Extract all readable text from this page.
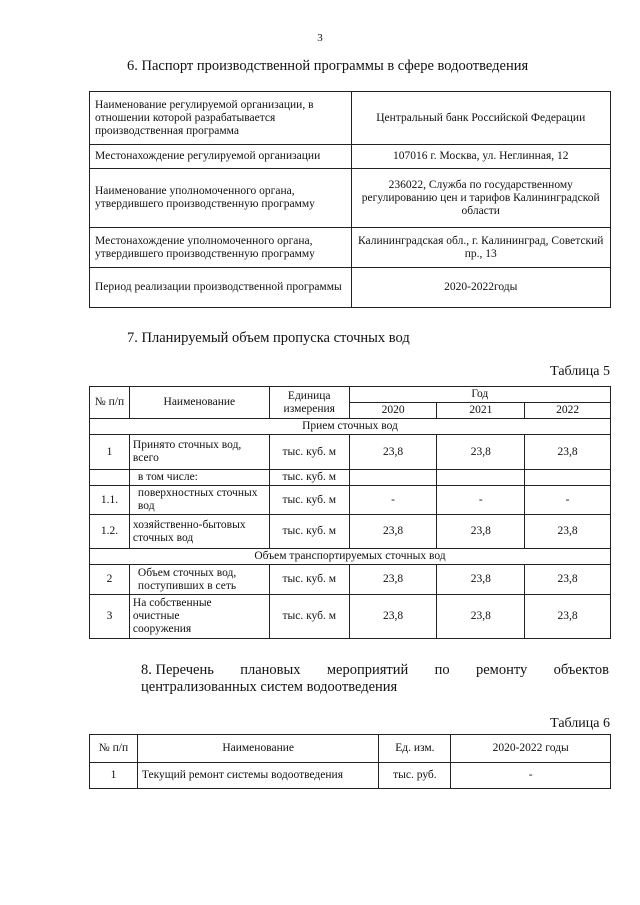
3
6. Паспорт производственной программы в сфере водоотведения
Наименование регулируемой организации, в отношении которой разрабатывается производственная программа	Центральный банк Российской Федерации
Местонахождение регулируемой организации	107016 г. Москва, ул. Неглинная, 12
Наименование уполномоченного органа, утвердившего производственную программу	236022, Служба по государственному регулированию цен и тарифов Калининградской области
Местонахождение уполномоченного органа, утвердившего производственную программу	Калининградская обл., г. Калининград, Советский пр., 13
Период реализации производственной программы	2020-2022годы
7. Планируемый объем пропуска сточных вод
Таблица 5
№ п/п	Наименование	Единица измерения	Год		
			2020	2021	2022
Прием сточных вод					
1	Принято сточных вод, всего	тыс. куб. м	23,8	23,8	23,8
	в том числе:	тыс. куб. м			
1.1.	поверхностных сточных вод	тыс. куб. м	-	-	-
1.2.	хозяйственно-бытовых сточных вод	тыс. куб. м	23,8	23,8	23,8
Объем транспортируемых сточных вод					
2	Объем сточных вод, поступивших в сеть	тыс. куб. м	23,8	23,8	23,8
3	На собственные очистные сооружения	тыс. куб. м	23,8	23,8	23,8
8. Перечень плановых мероприятий по ремонту объектов
централизованных систем водоотведения
Таблица 6
№ п/п	Наименование	Ед. изм.	2020-2022 годы
1	Текущий ремонт системы водоотведения	тыс. руб.	-
